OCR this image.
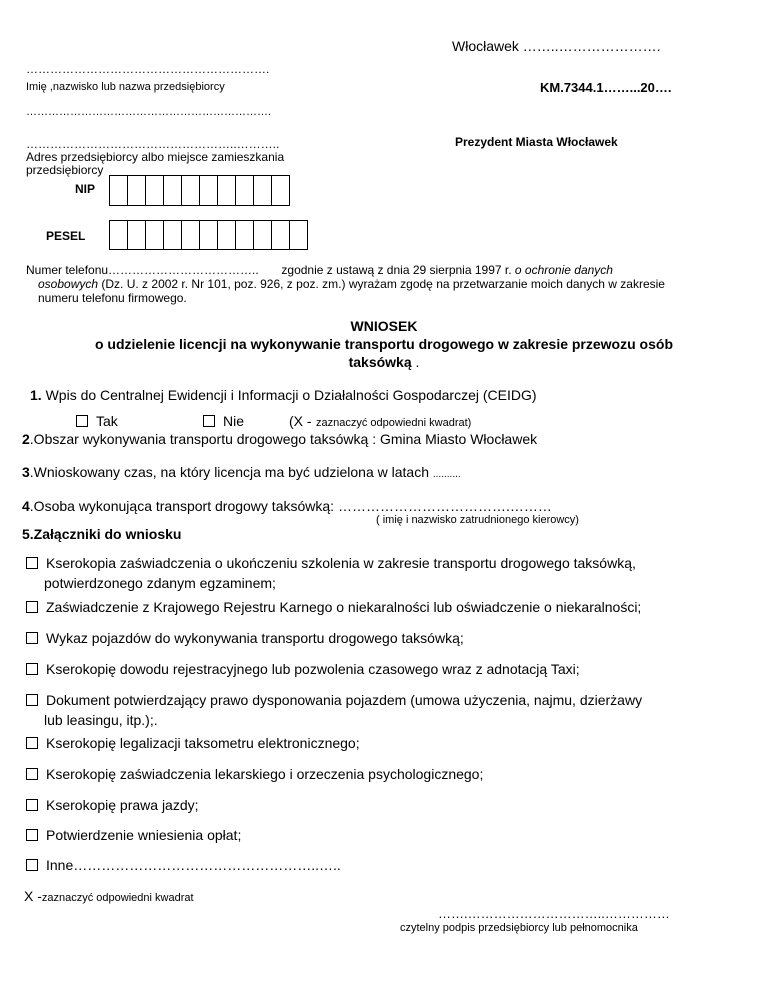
Włocławek ……..………………….
…………………………………………………….
Imię ,nazwisko lub nazwa przedsiębiorcy	KM.7344.1……...20….
………………………………………………………….
……………………………………………..………..	Prezydent Miasta Włocławek
Adres przedsiębiorcy albo miejsce zamieszkania
przedsiębiorcy
NIP
PESEL
Numer telefonu……………………………….. zgodnie z ustawą z dnia 29 sierpnia 1997 r. o ochronie danych
osobowych (Dz. U. z 2002 r. Nr 101, poz. 926, z poz. zm.) wyrażam zgodę na przetwarzanie moich danych w zakresie
numeru telefonu firmowego.
WNIOSEK
o udzielenie licencji na wykonywanie transportu drogowego w zakresie przewozu osób
taksówką .
1. Wpis do Centralnej Ewidencji i Informacji o Działalności Gospodarczej (CEIDG)
Tak	Nie	(X - zaznaczyć odpowiedni kwadrat)
2.Obszar wykonywania transportu drogowego taksówką : Gmina Miasto Włocławek
3.Wnioskowany czas, na który licencja ma być udzielona w latach ..........
4.Osoba wykonująca transport drogowy taksówką: ……………………………….………
( imię i nazwisko zatrudnionego kierowcy)
5.Załączniki do wniosku
Kserokopia zaświadczenia o ukończeniu szkolenia w zakresie transportu drogowego taksówką,
potwierdzonego zdanym egzaminem;
Zaświadczenie z Krajowego Rejestru Karnego o niekaralności lub oświadczenie o niekaralności;
Wykaz pojazdów do wykonywania transportu drogowego taksówką;
Kserokopię dowodu rejestracyjnego lub pozwolenia czasowego wraz z adnotacją Taxi;
Dokument potwierdzający prawo dysponowania pojazdem (umowa użyczenia, najmu, dzierżawy
lub leasingu, itp.);.
Kserokopię legalizacji taksometru elektronicznego;
Kserokopię zaświadczenia lekarskiego i orzeczenia psychologicznego;
Kserokopię prawa jazdy;
Potwierdzenie wniesienia opłat;
Inne……………………………………………..…..
X -zaznaczyć odpowiedni kwadrat
…….…………………………..……………
czytelny podpis przedsiębiorcy lub pełnomocnika
